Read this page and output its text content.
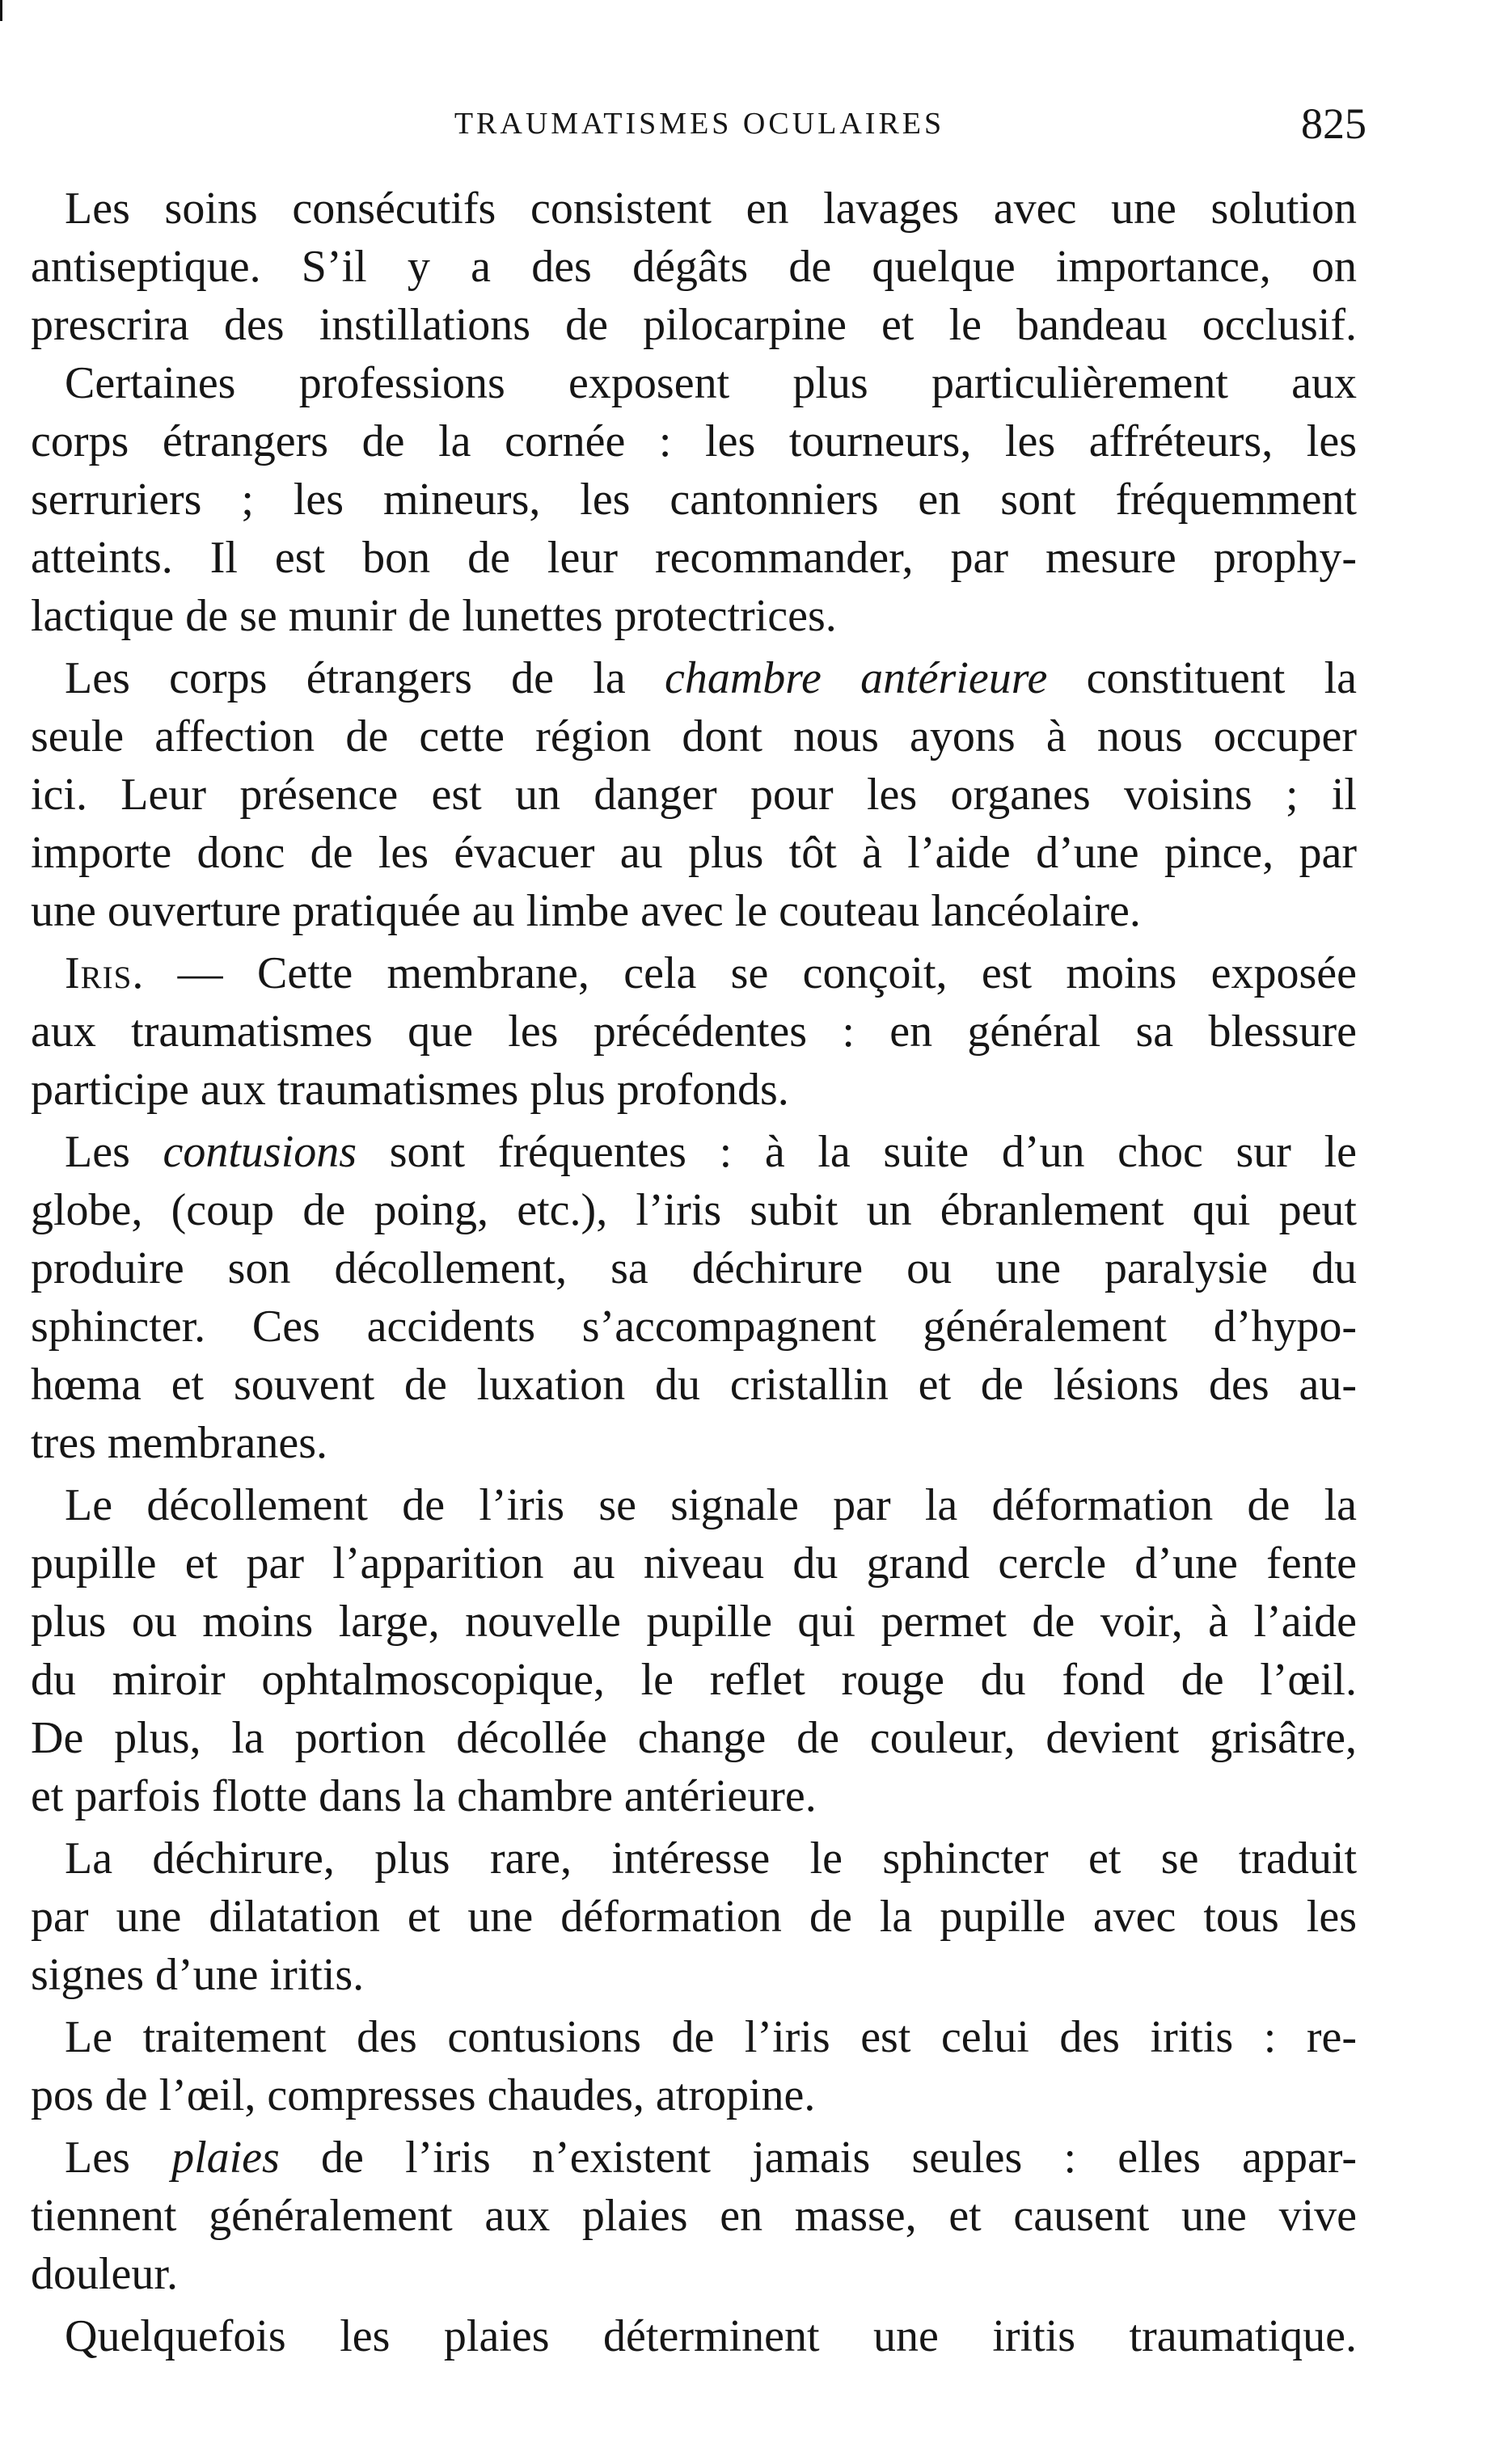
TRAUMATISMES OCULAIRES	825
Les soins consécutifs consistent en lavages avec une solution
antiseptique. S’il y a des dégâts de quelque importance, on
prescrira des instillations de pilocarpine et le bandeau occlusif.
Certaines professions exposent plus particulièrement aux
corps étrangers de la cornée : les tourneurs, les affréteurs, les
serruriers ; les mineurs, les cantonniers en sont fréquemment
atteints. Il est bon de leur recommander, par mesure prophy-
lactique de se munir de lunettes protectrices.
Les corps étrangers de la chambre antérieure constituent la
seule affection de cette région dont nous ayons à nous occuper
ici. Leur présence est un danger pour les organes voisins ; il
importe donc de les évacuer au plus tôt à l’aide d’une pince, par
une ouverture pratiquée au limbe avec le couteau lancéolaire.
Iris. — Cette membrane, cela se conçoit, est moins exposée
aux traumatismes que les précédentes : en général sa blessure
participe aux traumatismes plus profonds.
Les contusions sont fréquentes : à la suite d’un choc sur le
globe, (coup de poing, etc.), l’iris subit un ébranlement qui peut
produire son décollement, sa déchirure ou une paralysie du
sphincter. Ces accidents s’accompagnent généralement d’hypo-
hœma et souvent de luxation du cristallin et de lésions des au-
tres membranes.
Le décollement de l’iris se signale par la déformation de la
pupille et par l’apparition au niveau du grand cercle d’une fente
plus ou moins large, nouvelle pupille qui permet de voir, à l’aide
du miroir ophtalmoscopique, le reflet rouge du fond de l’œil.
De plus, la portion décollée change de couleur, devient grisâtre,
et parfois flotte dans la chambre antérieure.
La déchirure, plus rare, intéresse le sphincter et se traduit
par une dilatation et une déformation de la pupille avec tous les
signes d’une iritis.
Le traitement des contusions de l’iris est celui des iritis : re-
pos de l’œil, compresses chaudes, atropine.
Les plaies de l’iris n’existent jamais seules : elles appar-
tiennent généralement aux plaies en masse, et causent une vive
douleur.
Quelquefois les plaies déterminent une iritis traumatique.
